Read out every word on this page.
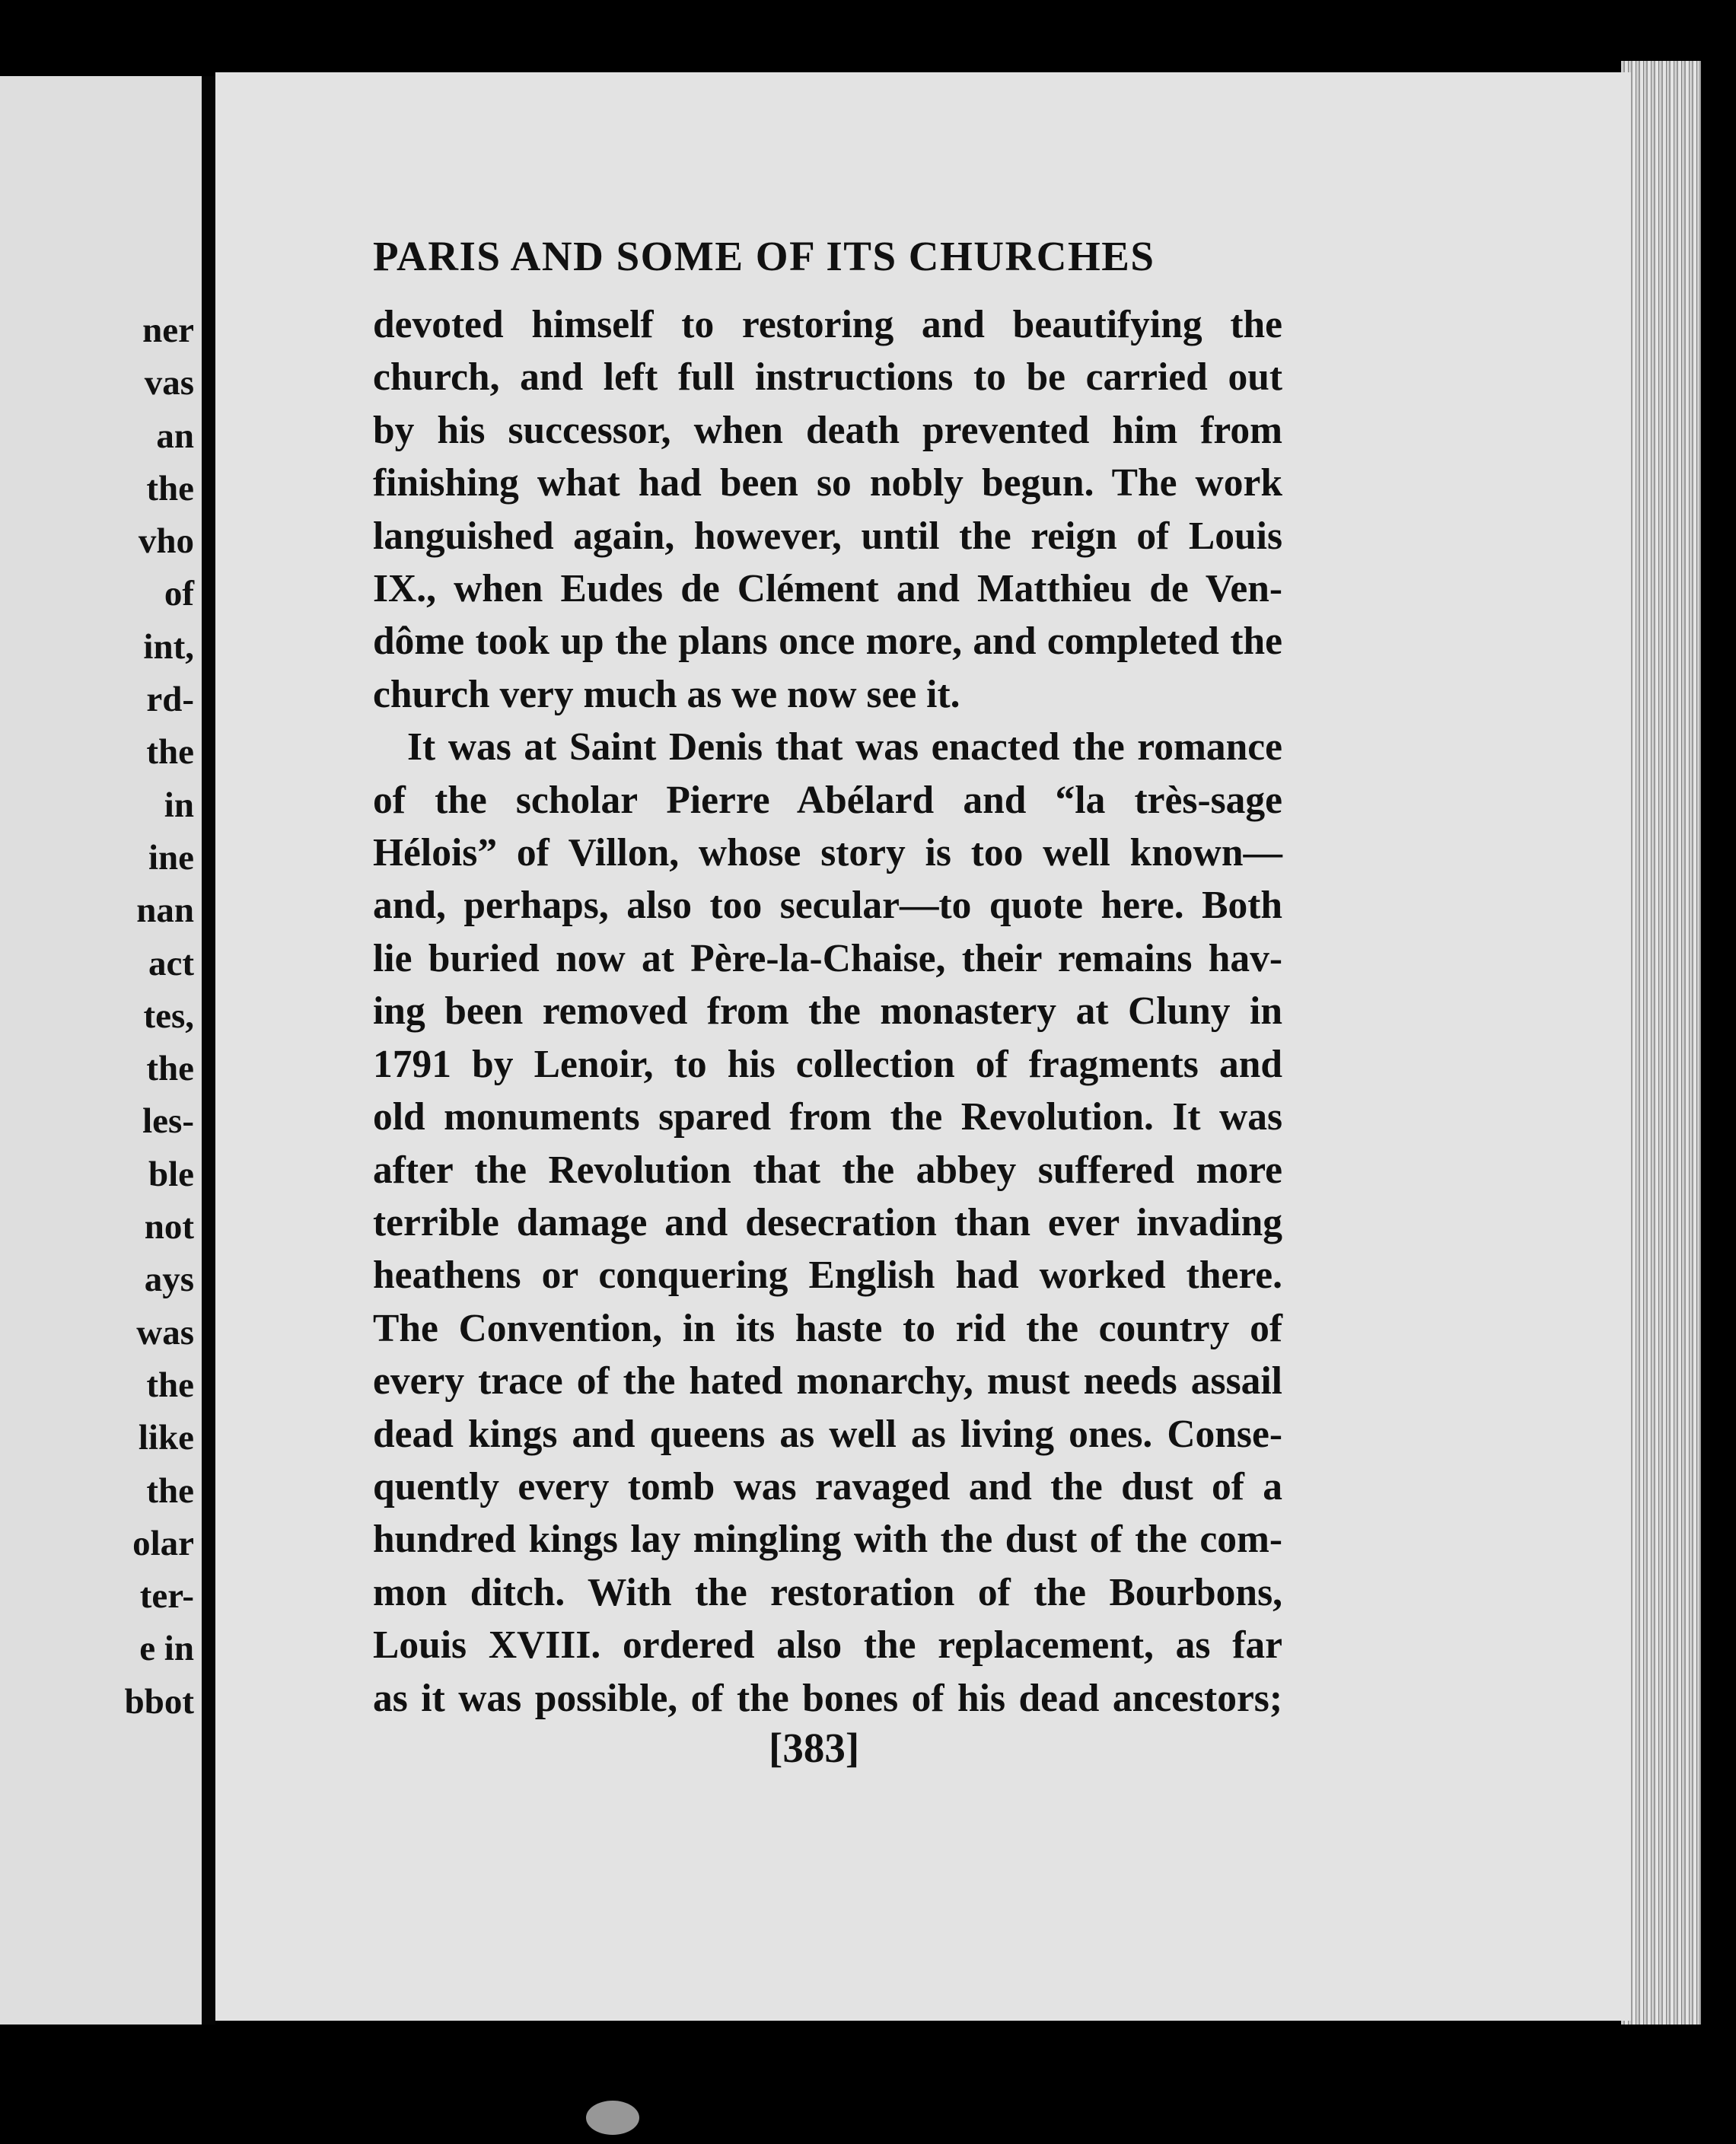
ner
vas
an
the
vho
of
int,
rd-
the
in
ine
nan
act
tes,
the
les-
ble
not
ays
was
the
like
the
olar
ter-
e in
bbot
PARIS AND SOME OF ITS CHURCHES
devoted himself to restoring and beautifying the
church, and left full instructions to be carried out
by his successor, when death prevented him from
finishing what had been so nobly begun. The work
languished again, however, until the reign of Louis
IX., when Eudes de Clément and Matthieu de Ven-
dôme took up the plans once more, and completed the
church very much as we now see it.
It was at Saint Denis that was enacted the romance
of the scholar Pierre Abélard and “la très-sage
Hélois” of Villon, whose story is too well known—
and, perhaps, also too secular—to quote here. Both
lie buried now at Père-la-Chaise, their remains hav-
ing been removed from the monastery at Cluny in
1791 by Lenoir, to his collection of fragments and
old monuments spared from the Revolution. It was
after the Revolution that the abbey suffered more
terrible damage and desecration than ever invading
heathens or conquering English had worked there.
The Convention, in its haste to rid the country of
every trace of the hated monarchy, must needs assail
dead kings and queens as well as living ones. Conse-
quently every tomb was ravaged and the dust of a
hundred kings lay mingling with the dust of the com-
mon ditch. With the restoration of the Bourbons,
Louis XVIII. ordered also the replacement, as far
as it was possible, of the bones of his dead ancestors;
[383]
